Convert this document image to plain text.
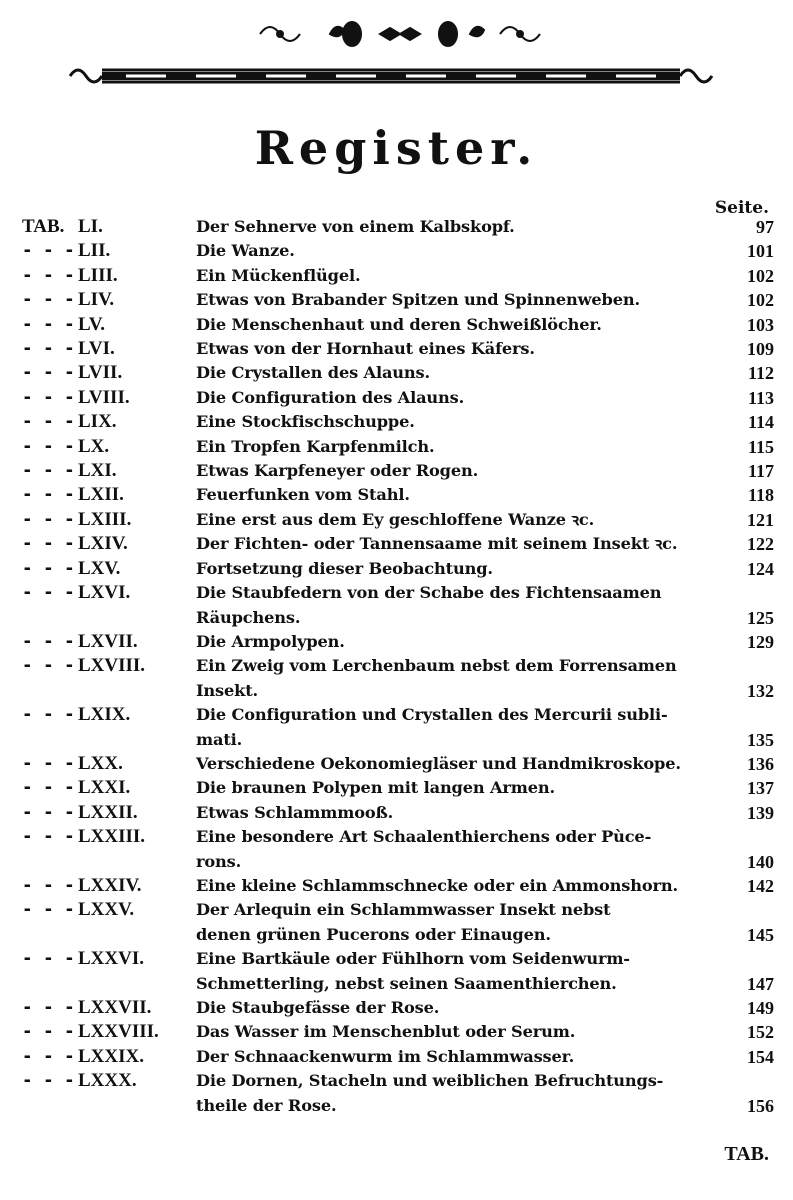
Register.
Seite.
TAB. LI.	Der Sehnerve von einem Kalbskopf.	97
- - - LII.	Die Wanze.	101
- - - LIII.	Ein Mückenflügel.	102
- - - LIV.	Etwas von Brabander Spitzen und Spinnenweben.	102
- - - LV.	Die Menschenhaut und deren Schweißlöcher.	103
- - - LVI.	Etwas von der Hornhaut eines Käfers.	109
- - - LVII.	Die Crystallen des Alauns.	112
- - - LVIII.	Die Configuration des Alauns.	113
- - - LIX.	Eine Stockfischschuppe.	114
- - - LX.	Ein Tropfen Karpfenmilch.	115
- - - LXI.	Etwas Karpfeneyer oder Rogen.	117
- - - LXII.	Feuerfunken vom Stahl.	118
- - - LXIII.	Eine erst aus dem Ey geschloffene Wanze ꝛc.	121
- - - LXIV.	Der Fichten- oder Tannensaame mit seinem Insekt ꝛc.	122
- - - LXV.	Fortsetzung dieser Beobachtung.	124
- - - LXVI.	Die Staubfedern von der Schabe des Fichtensaamen
Räupchens.	125
- - - LXVII.	Die Armpolypen.	129
- - - LXVIII.	Ein Zweig vom Lerchenbaum nebst dem Forrensamen
Insekt.	132
- - - LXIX.	Die Configuration und Crystallen des Mercurii subli-
mati.	135
- - - LXX.	Verschiedene Oekonomiegläser und Handmikroskope.	136
- - - LXXI.	Die braunen Polypen mit langen Armen.	137
- - - LXXII.	Etwas Schlammmooß.	139
- - - LXXIII.	Eine besondere Art Schaalenthierchens oder Pùce-
rons.	140
- - - LXXIV.	Eine kleine Schlammschnecke oder ein Ammonshorn.	142
- - - LXXV.	Der Arlequin ein Schlammwasser Insekt nebst
denen grünen Pucerons oder Einaugen.	145
- - - LXXVI.	Eine Bartkäule oder Fühlhorn vom Seidenwurm-
Schmetterling, nebst seinen Saamenthierchen.	147
- - - LXXVII.	Die Staubgefässe der Rose.	149
- - - LXXVIII.	Das Wasser im Menschenblut oder Serum.	152
- - - LXXIX.	Der Schnaackenwurm im Schlammwasser.	154
- - - LXXX.	Die Dornen, Stacheln und weiblichen Befruchtungs-
theile der Rose.	156
TAB.
